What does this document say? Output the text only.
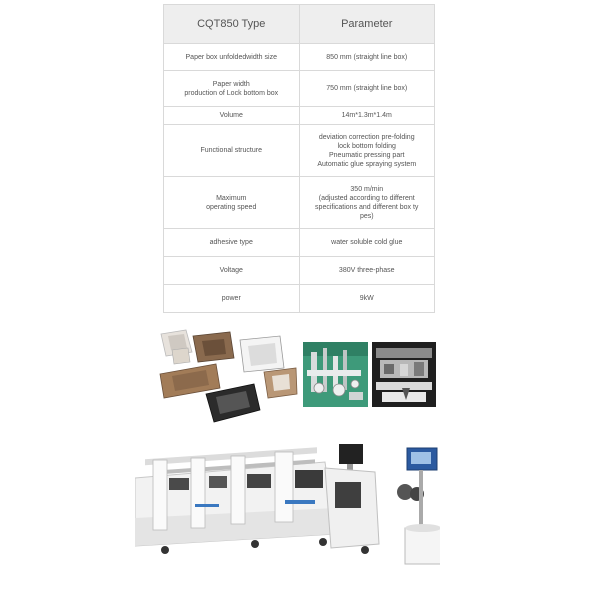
CQT850 Type	Parameter
Paper box unfoldedwidth size	850 mm (straight line box)
Paper width
production of Lock bottom box	750 mm (straight line box)
Volume	14m*1.3m*1.4m
Functional structure	deviation correction pre-folding
lock bottom folding
Pneumatic pressing part
Automatic glue spraying system
Maximum
operating speed	350 m/min
(adjusted according to different
specifications and different box ty
pes)
adhesive type	water soluble cold glue
Voltage	380V three-phase
power	9kW
